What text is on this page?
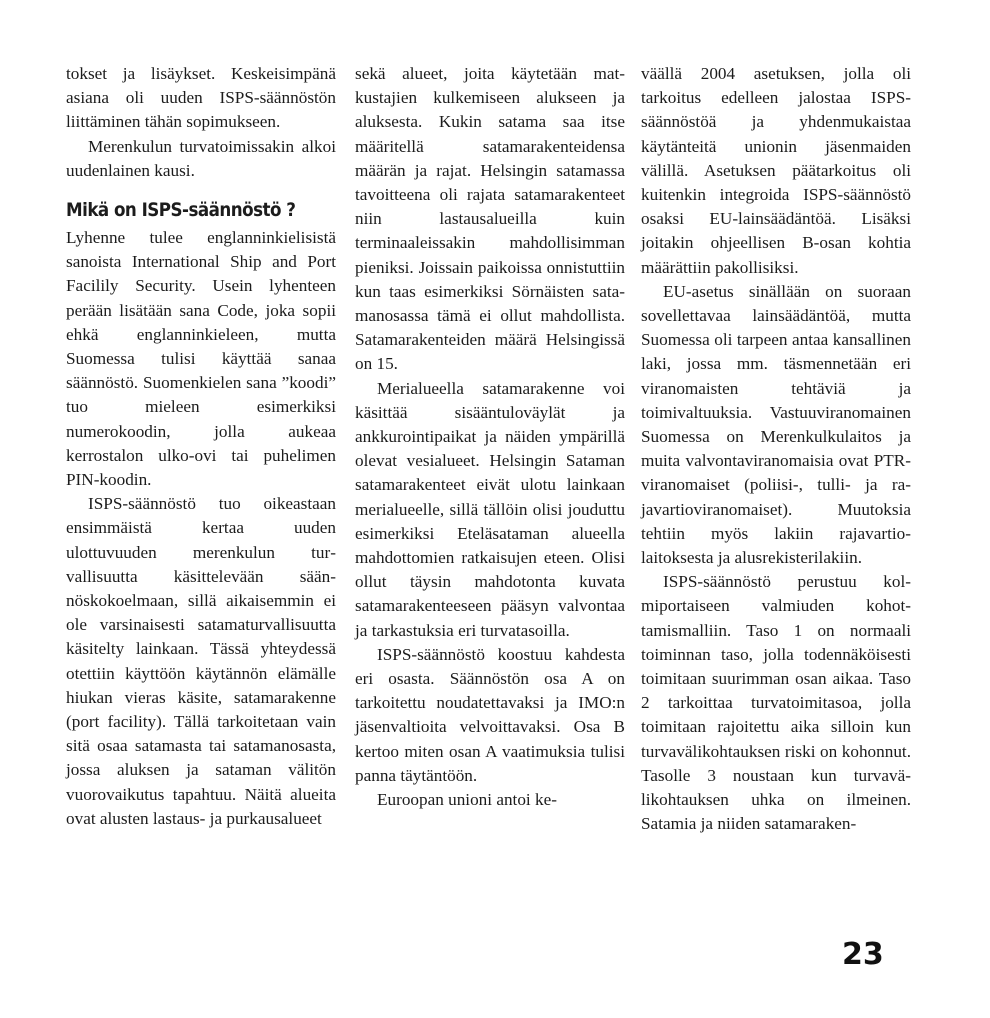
tokset ja lisäykset. Keskeisimpänä asiana oli uuden ISPS-säännöstön liittäminen tähän sopimukseen.

Merenkulun turvatoimissakin alkoi uudenlainen kausi.

Mikä on ISPS-säännöstö ?

Lyhenne tulee englanninkielisistä sanoista International Ship and Port Facilily Security. Usein lyhenteen perään lisätään sana Code, joka sopii ehkä englanninkieleen, mutta Suomessa tulisi käyttää sanaa säännöstö. Suomenkielen sana ”koodi” tuo mieleen esimerkiksi numerokoodin, jolla aukeaa kerrostalon ulko-ovi tai puhelimen PIN-koodin.

ISPS-säännöstö tuo oikeastaan ensimmäistä kertaa uuden ulottuvuuden merenkulun turvallisuutta käsittelevään säännöskokoelmaan, sillä aikaisemmin ei ole varsinaisesti satamaturvallisuutta käsitelty lainkaan. Tässä yhteydessä otettiin käyttöön käytännön elämälle hiukan vieras käsite, satamarakenne (port facility). Tällä tarkoitetaan vain sitä osaa satamasta tai satamanosasta, jossa aluksen ja sataman välitön vuorovaikutus tapahtuu. Näitä alueita ovat alusten lastaus- ja purkausalueet

sekä alueet, joita käytetään matkustajien kulkemiseen alukseen ja aluksesta. Kukin satama saa itse määritellä satamarakenteidensa määrän ja rajat. Helsingin satamassa tavoitteena oli rajata satamarakenteet niin lastausalueilla kuin terminaaleissakin mahdollisimman pieniksi. Joissain paikoissa onnistuttiin kun taas esimerkiksi Sörnäisten satamanosassa tämä ei ollut mahdollista. Satamarakenteiden määrä Helsingissä on 15.

Merialueella satamarakenne voi käsittää sisääntuloväylät ja ankkurointipaikat ja näiden ympärillä olevat vesialueet. Helsingin Sataman satamarakenteet eivät ulotu lainkaan merialueelle, sillä tällöin olisi jouduttu esimerkiksi Eteläsataman alueella mahdottomien ratkaisujen eteen. Olisi ollut täysin mahdotonta kuvata satamarakenteeseen pääsyn valvontaa ja tarkastuksia eri turvatasoilla.

ISPS-säännöstö koostuu kahdesta eri osasta. Säännöstön osa A on tarkoitettu noudatettavaksi ja IMO:n jäsenvaltioita velvoittavaksi. Osa B kertoo miten osan A vaatimuksia tulisi panna täytäntöön.

Euroopan unioni antoi ke-

väällä 2004 asetuksen, jolla oli tarkoitus edelleen jalostaa ISPS-säännöstöä ja yhdenmukaistaa käytänteitä unionin jäsenmaiden välillä. Asetuksen päätarkoitus oli kuitenkin integroida ISPS-säännöstö osaksi EU-lainsäädäntöä. Lisäksi joitakin ohjeellisen B-osan kohtia määrättiin pakollisiksi.

EU-asetus sinällään on suoraan sovellettavaa lainsäädäntöä, mutta Suomessa oli tarpeen antaa kansallinen laki, jossa mm. täsmennetään eri viranomaisten tehtäviä ja toimivaltuuksia. Vastuuviranomainen Suomessa on Merenkulkulaitos ja muita valvontaviranomaisia ovat PTR-viranomaiset (poliisi-, tulli- ja rajavartioviranomaiset). Muutoksia tehtiin myös lakiin rajavartiolaitoksesta ja alusrekisterilakiin.

ISPS-säännöstö perustuu kolmiportaiseen valmiuden kohottamismalliin. Taso 1 on normaali toiminnan taso, jolla todennäköisesti toimitaan suurimman osan aikaa. Taso 2 tarkoittaa turvatoimitasoa, jolla toimitaan rajoitettu aika silloin kun turvavälikohtauksen riski on kohonnut. Tasolle 3 noustaan kun turvavälikohtauksen uhka on ilmeinen. Satamia ja niiden satamaraken-

23
